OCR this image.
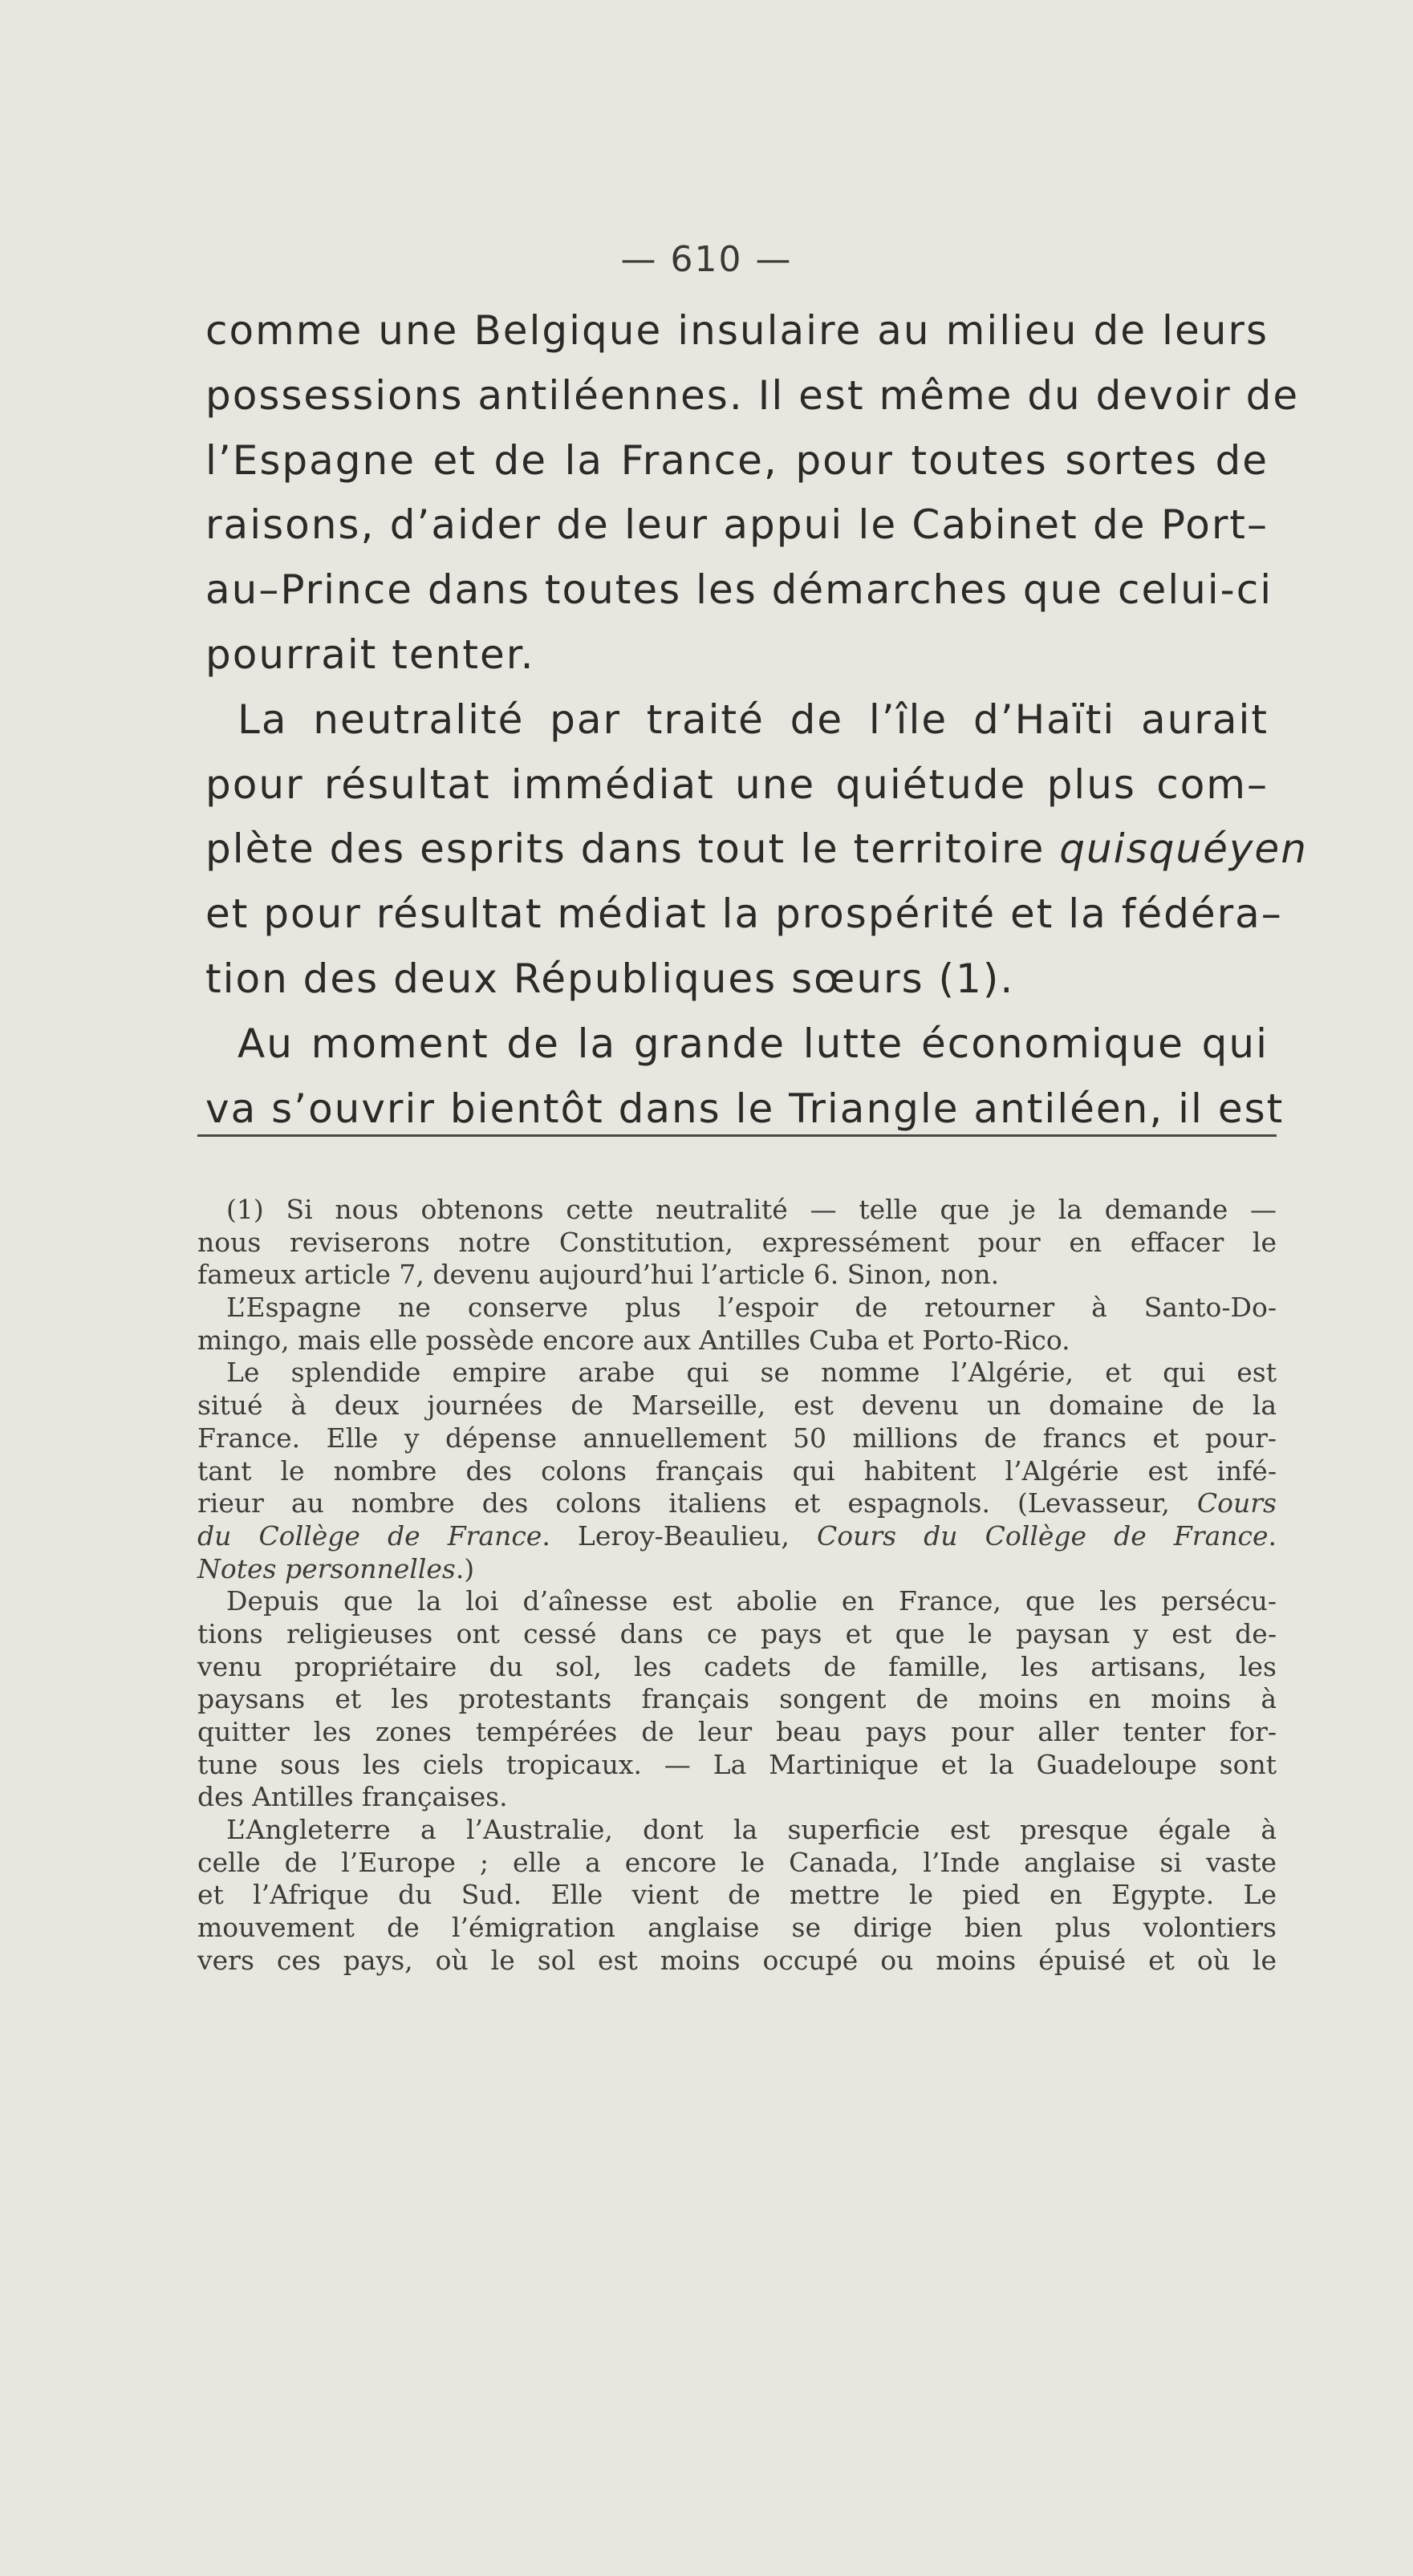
— 610 —
comme une Belgique insulaire au milieu de leurs
possessions antiléennes. Il est même du devoir de
l’Espagne et de la France, pour toutes sortes de
raisons, d’aider de leur appui le Cabinet de Port–
au–Prince dans toutes les démarches que celui-ci
pourrait tenter.
La neutralité par traité de l’île d’Haïti aurait
pour résultat immédiat une quiétude plus com–
plète des esprits dans tout le territoire quisquéyen
et pour résultat médiat la prospérité et la fédéra–
tion des deux Républiques sœurs (1).
Au moment de la grande lutte économique qui
va s’ouvrir bientôt dans le Triangle antiléen, il est
(1) Si nous obtenons cette neutralité — telle que je la demande —
nous reviserons notre Constitution, expressément pour en effacer le
fameux article 7, devenu aujourd’hui l’article 6. Sinon, non.
L’Espagne ne conserve plus l’espoir de retourner à Santo-Do-
mingo, mais elle possède encore aux Antilles Cuba et Porto-Rico.
Le splendide empire arabe qui se nomme l’Algérie, et qui est
situé à deux journées de Marseille, est devenu un domaine de la
France. Elle y dépense annuellement 50 millions de francs et pour-
tant le nombre des colons français qui habitent l’Algérie est infé-
rieur au nombre des colons italiens et espagnols. (Levasseur, Cours
du Collège de France. Leroy-Beaulieu, Cours du Collège de France.
Notes personnelles.)
Depuis que la loi d’aînesse est abolie en France, que les persécu-
tions religieuses ont cessé dans ce pays et que le paysan y est de-
venu propriétaire du sol, les cadets de famille, les artisans, les
paysans et les protestants français songent de moins en moins à
quitter les zones tempérées de leur beau pays pour aller tenter for-
tune sous les ciels tropicaux. — La Martinique et la Guadeloupe sont
des Antilles françaises.
L’Angleterre a l’Australie, dont la superficie est presque égale à
celle de l’Europe ; elle a encore le Canada, l’Inde anglaise si vaste
et l’Afrique du Sud. Elle vient de mettre le pied en Egypte. Le
mouvement de l’émigration anglaise se dirige bien plus volontiers
vers ces pays, où le sol est moins occupé ou moins épuisé et où le
